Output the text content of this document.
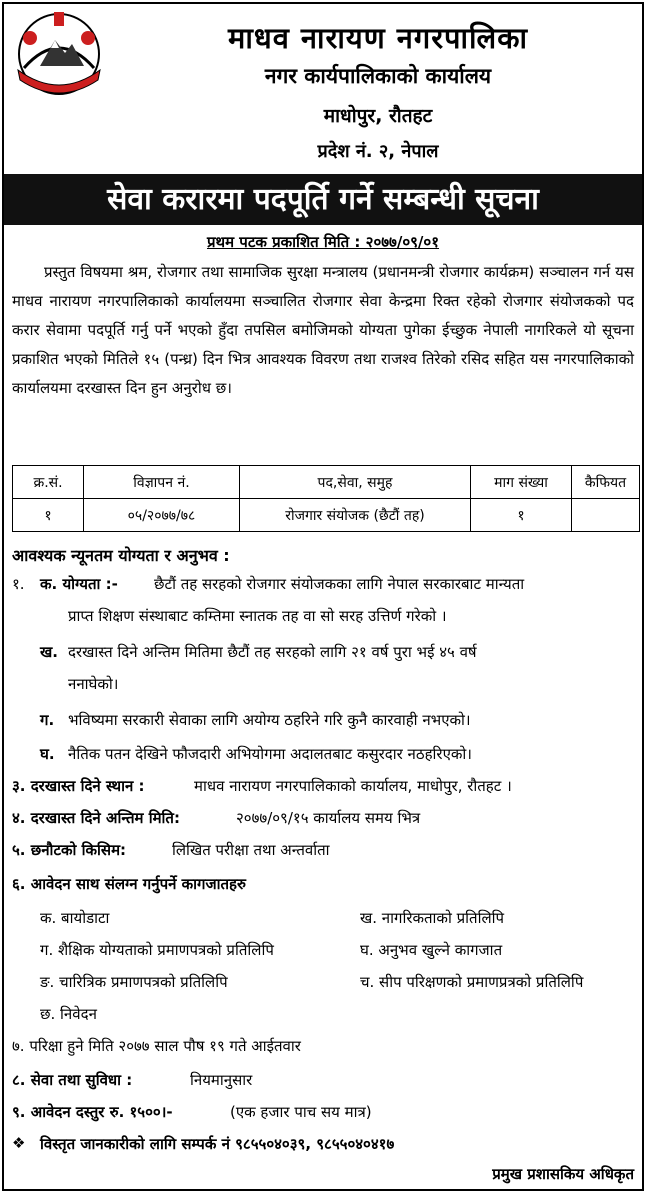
माधव नारायण नगरपालिका
नगर कार्यपालिकाको कार्यालय
माधोपुर, रौतहट
प्रदेश नं. २, नेपाल
सेवा करारमा पदपूर्ति गर्ने सम्बन्धी सूचना
प्रथम पटक प्रकाशित मिति : २०७७/०९/०१
प्रस्तुत विषयमा श्रम, रोजगार तथा सामाजिक सुरक्षा मन्त्रालय (प्रधानमन्त्री रोजगार कार्यक्रम) सञ्चालन गर्न यस माधव नारायण नगरपालिकाको कार्यालयमा सञ्चालित रोजगार सेवा केन्द्रमा रिक्त रहेको रोजगार संयोजकको पद करार सेवामा पदपूर्ति गर्नु पर्ने भएको हुँदा तपसिल बमोजिमको योग्यता पुगेका ईच्छुक नेपाली नागरिकले यो सूचना प्रकाशित भएको मितिले १५ (पन्ध्र) दिन भित्र आवश्यक विवरण तथा राजश्व तिरेको रसिद सहित यस नगरपालिकाको कार्यालयमा दरखास्त दिन हुन अनुरोध छ।
क्र.सं.	विज्ञापन नं.	पद,सेवा, समुह	माग संख्या	कैफियत
१	०५/२०७७/७८	रोजगार संयोजक (छैटौं तह)	१	
आवश्यक न्यूनतम योग्यता र अनुभव :
१. क. योग्यता :- छैटौं तह सरहको रोजगार संयोजकका लागि नेपाल सरकारबाट मान्यता
प्राप्त शिक्षण संस्थाबाट कम्तिमा स्नातक तह वा सो सरह उत्तिर्ण गरेको ।
ख. दरखास्त दिने अन्तिम मितिमा छैटौं तह सरहको लागि २१ वर्ष पुरा भई ४५ वर्ष
ननाघेको।
ग. भविष्यमा सरकारी सेवाका लागि अयोग्य ठहरिने गरि कुनै कारवाही नभएको।
घ. नैतिक पतन देखिने फौजदारी अभियोगमा अदालतबाट कसुरदार नठहरिएको।
३. दरखास्त दिने स्थान :	माधव नारायण नगरपालिकाको कार्यालय, माधोपुर, रौतहट ।
४. दरखास्त दिने अन्तिम मिति:	२०७७/०९/१५ कार्यालय समय भित्र
५. छनौटको किसिम:	लिखित परीक्षा तथा अन्तर्वाता
६. आवेदन साथ संलग्न गर्नुपर्ने कागजातहरु
क. बायोडाटा	ख. नागरिकताको प्रतिलिपि
ग. शैक्षिक योग्यताको प्रमाणपत्रको प्रतिलिपि	घ. अनुभव खुल्ने कागजात
ङ. चारित्रिक प्रमाणपत्रको प्रतिलिपि	च. सीप परिक्षणको प्रमाणप्रत्रको प्रतिलिपि
छ. निवेदन
७. परिक्षा हुने मिति २०७७ साल पौष १९ गते आईतवार
८. सेवा तथा सुविधा :	नियमानुसार
९. आवेदन दस्तुर रु. १५००।-	(एक हजार पाच सय मात्र)
❖ विस्तृत जानकारीको लागि सम्पर्क नं ९८५५०४०३९, ९८५५०४०४१७
प्रमुख प्रशासकिय अधिकृत
